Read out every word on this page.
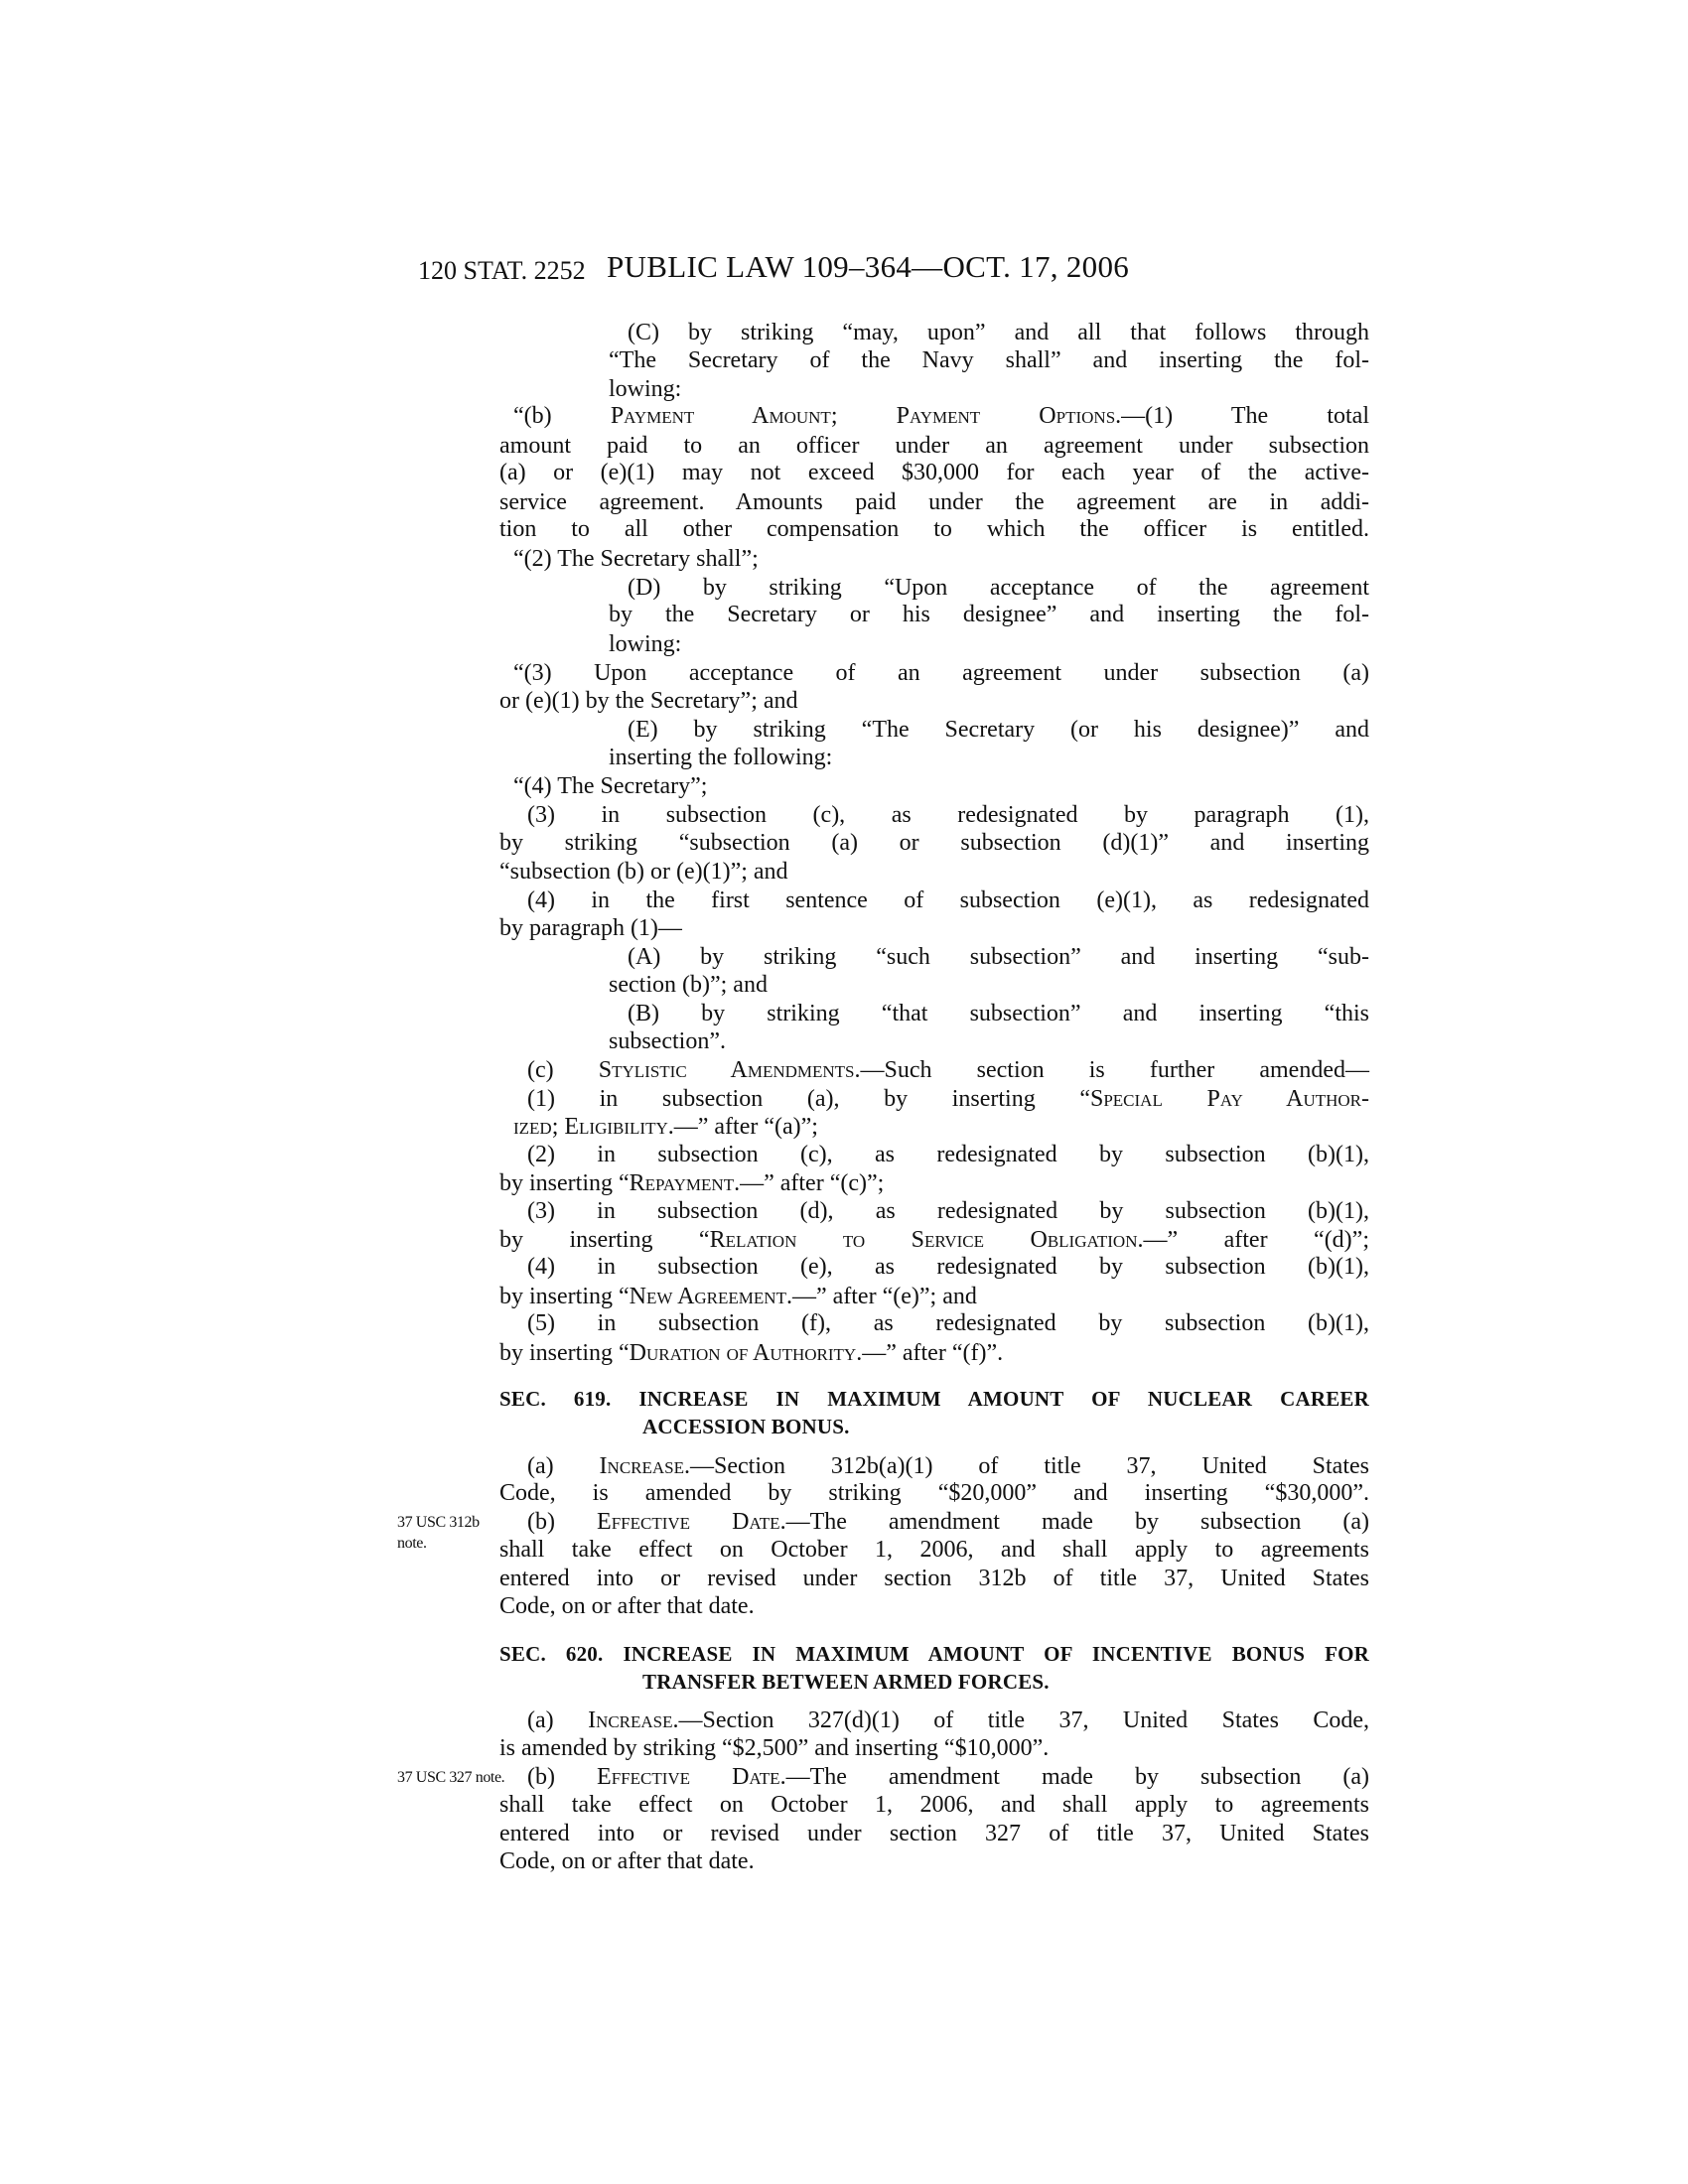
120 STAT. 2252 PUBLIC LAW 109–364—OCT. 17, 2006
37 USC 312b
note.
37 USC 327 note.
(C) by striking “may, upon” and all that follows through
“The Secretary of the Navy shall” and inserting the fol-
lowing:
“(b) Payment Amount; Payment Options.—(1) The total
amount paid to an officer under an agreement under subsection
(a) or (e)(1) may not exceed $30,000 for each year of the active-
service agreement. Amounts paid under the agreement are in addi-
tion to all other compensation to which the officer is entitled.
“(2) The Secretary shall”;
(D) by striking “Upon acceptance of the agreement
by the Secretary or his designee” and inserting the fol-
lowing:
“(3) Upon acceptance of an agreement under subsection (a)
or (e)(1) by the Secretary”; and
(E) by striking “The Secretary (or his designee)” and
inserting the following:
“(4) The Secretary”;
(3) in subsection (c), as redesignated by paragraph (1),
by striking “subsection (a) or subsection (d)(1)” and inserting
“subsection (b) or (e)(1)”; and
(4) in the first sentence of subsection (e)(1), as redesignated
by paragraph (1)—
(A) by striking “such subsection” and inserting “sub-
section (b)”; and
(B) by striking “that subsection” and inserting “this
subsection”.
(c) Stylistic Amendments.—Such section is further amended—
(1) in subsection (a), by inserting “Special Pay Author-
ized; Eligibility.—” after “(a)”;
(2) in subsection (c), as redesignated by subsection (b)(1),
by inserting “Repayment.—” after “(c)”;
(3) in subsection (d), as redesignated by subsection (b)(1),
by inserting “Relation to Service Obligation.—” after “(d)”;
(4) in subsection (e), as redesignated by subsection (b)(1),
by inserting “New Agreement.—” after “(e)”; and
(5) in subsection (f), as redesignated by subsection (b)(1),
by inserting “Duration of Authority.—” after “(f)”.
SEC. 619. INCREASE IN MAXIMUM AMOUNT OF NUCLEAR CAREER
ACCESSION BONUS.
(a) Increase.—Section 312b(a)(1) of title 37, United States
Code, is amended by striking “$20,000” and inserting “$30,000”.
(b) Effective Date.—The amendment made by subsection (a)
shall take effect on October 1, 2006, and shall apply to agreements
entered into or revised under section 312b of title 37, United States
Code, on or after that date.
SEC. 620. INCREASE IN MAXIMUM AMOUNT OF INCENTIVE BONUS FOR
TRANSFER BETWEEN ARMED FORCES.
(a) Increase.—Section 327(d)(1) of title 37, United States Code,
is amended by striking “$2,500” and inserting “$10,000”.
(b) Effective Date.—The amendment made by subsection (a)
shall take effect on October 1, 2006, and shall apply to agreements
entered into or revised under section 327 of title 37, United States
Code, on or after that date.
